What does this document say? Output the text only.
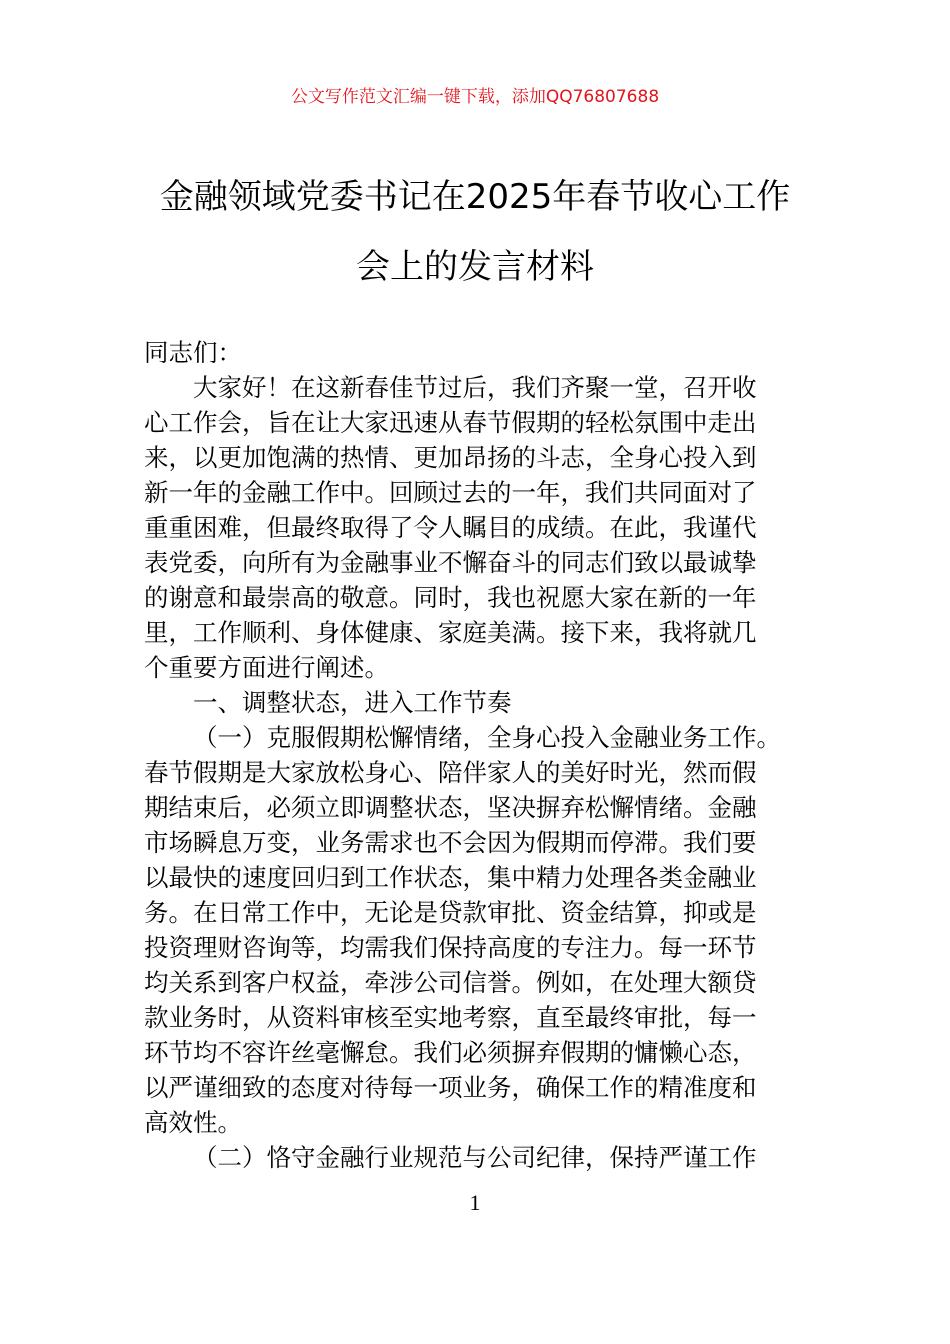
公文写作范文汇编一键下载，添加QQ76807688
金融领域党委书记在2025年春节收心工作
会上的发言材料
同志们：
大家好！在这新春佳节过后，我们齐聚一堂，召开收
心工作会，旨在让大家迅速从春节假期的轻松氛围中走出
来，以更加饱满的热情、更加昂扬的斗志，全身心投入到
新一年的金融工作中。回顾过去的一年，我们共同面对了
重重困难，但最终取得了令人瞩目的成绩。在此，我谨代
表党委，向所有为金融事业不懈奋斗的同志们致以最诚挚
的谢意和最崇高的敬意。同时，我也祝愿大家在新的一年
里，工作顺利、身体健康、家庭美满。接下来，我将就几
个重要方面进行阐述。
一、调整状态，进入工作节奏
（一）克服假期松懈情绪，全身心投入金融业务工作。
春节假期是大家放松身心、陪伴家人的美好时光，然而假
期结束后，必须立即调整状态，坚决摒弃松懈情绪。金融
市场瞬息万变，业务需求也不会因为假期而停滞。我们要
以最快的速度回归到工作状态，集中精力处理各类金融业
务。在日常工作中，无论是贷款审批、资金结算，抑或是
投资理财咨询等，均需我们保持高度的专注力。每一环节
均关系到客户权益，牵涉公司信誉。例如，在处理大额贷
款业务时，从资料审核至实地考察，直至最终审批，每一
环节均不容许丝毫懈怠。我们必须摒弃假期的慵懒心态，
以严谨细致的态度对待每一项业务，确保工作的精准度和
高效性。
（二）恪守金融行业规范与公司纪律，保持严谨工作
1
